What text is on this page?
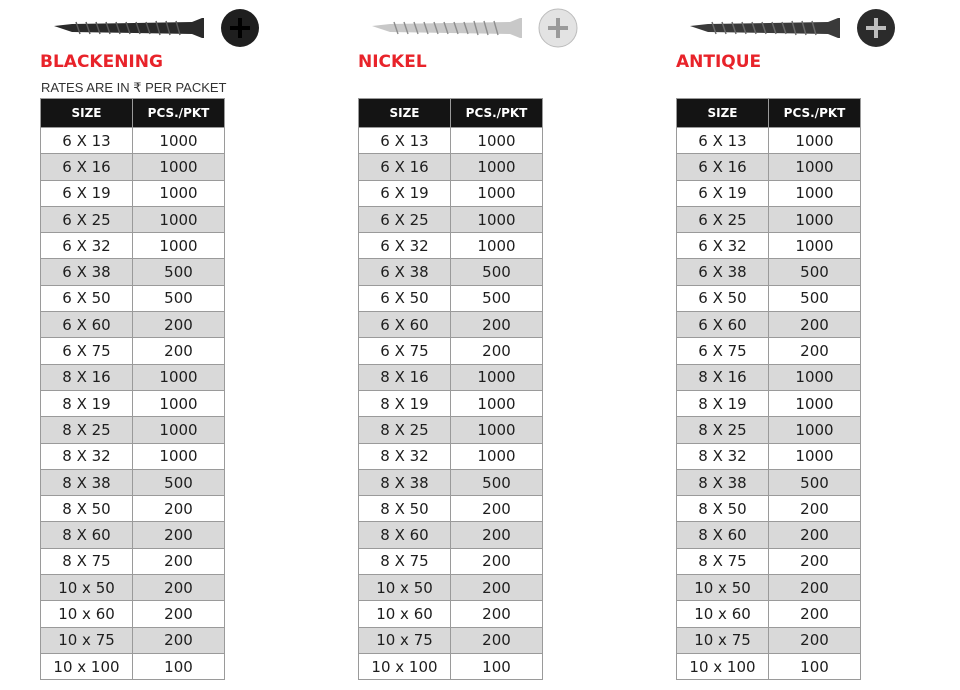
BLACKENING
RATES ARE IN ₹ PER PACKET
SIZE	PCS./PKT
6 X 13	1000
6 X 16	1000
6 X 19	1000
6 X 25	1000
6 X 32	1000
6 X 38	500
6 X 50	500
6 X 60	200
6 X 75	200
8 X 16	1000
8 X 19	1000
8 X 25	1000
8 X 32	1000
8 X 38	500
8 X 50	200
8 X 60	200
8 X 75	200
10 x 50	200
10 x 60	200
10 x 75	200
10 x 100	100
NICKEL
SIZE	PCS./PKT
6 X 13	1000
6 X 16	1000
6 X 19	1000
6 X 25	1000
6 X 32	1000
6 X 38	500
6 X 50	500
6 X 60	200
6 X 75	200
8 X 16	1000
8 X 19	1000
8 X 25	1000
8 X 32	1000
8 X 38	500
8 X 50	200
8 X 60	200
8 X 75	200
10 x 50	200
10 x 60	200
10 x 75	200
10 x 100	100
ANTIQUE
SIZE	PCS./PKT
6 X 13	1000
6 X 16	1000
6 X 19	1000
6 X 25	1000
6 X 32	1000
6 X 38	500
6 X 50	500
6 X 60	200
6 X 75	200
8 X 16	1000
8 X 19	1000
8 X 25	1000
8 X 32	1000
8 X 38	500
8 X 50	200
8 X 60	200
8 X 75	200
10 x 50	200
10 x 60	200
10 x 75	200
10 x 100	100
